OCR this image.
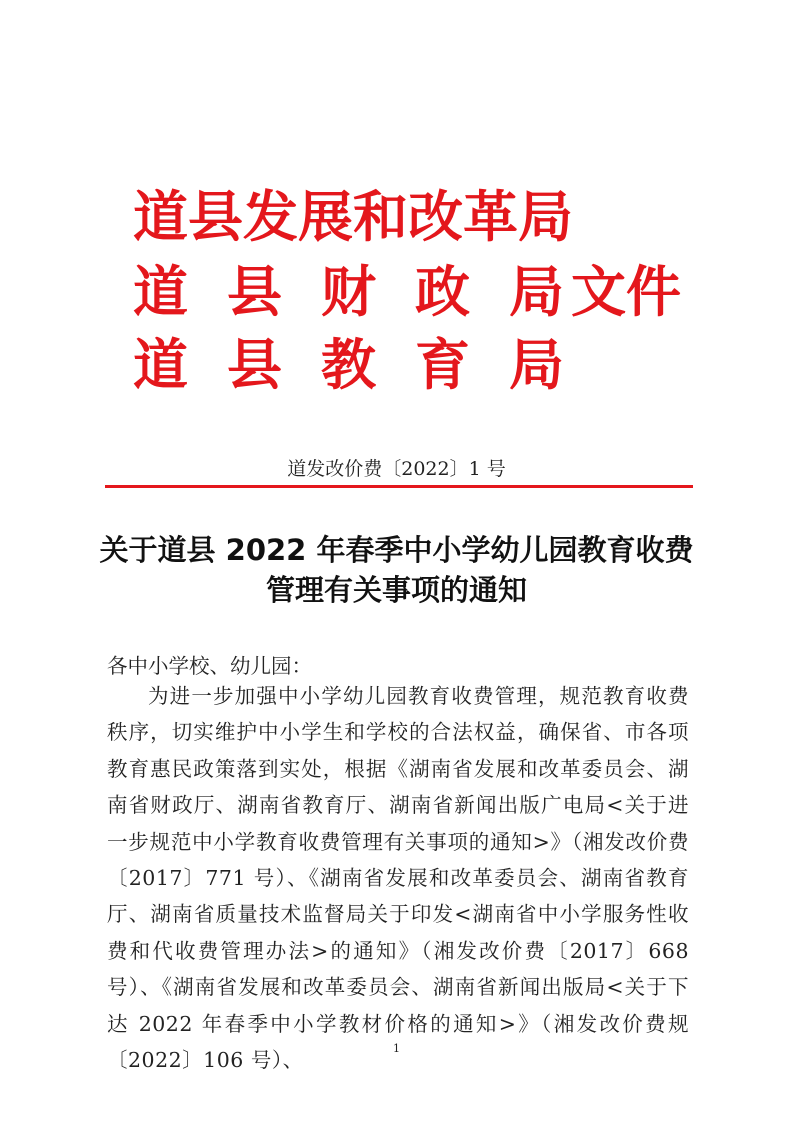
道县发展和改革局
道 县 财 政 局 文件
道 县 教 育 局
道发改价费〔2022〕1 号
关于道县 2022 年春季中小学幼儿园教育收费
管理有关事项的通知
各中小学校、幼儿园：

为进一步加强中小学幼儿园教育收费管理，规范教育收费秩序，切实维护中小学生和学校的合法权益，确保省、市各项教育惠民政策落到实处，根据《湖南省发展和改革委员会、湖南省财政厅、湖南省教育厅、湖南省新闻出版广电局<关于进一步规范中小学教育收费管理有关事项的通知>》（湘发改价费〔2017〕771 号）、《湖南省发展和改革委员会、湖南省教育厅、湖南省质量技术监督局关于印发<湖南省中小学服务性收费和代收费管理办法>的通知》（湘发改价费〔2017〕668 号）、《湖南省发展和改革委员会、湖南省新闻出版局<关于下达 2022 年春季中小学教材价格的通知>》（湘发改价费规〔2022〕106 号）、	1
